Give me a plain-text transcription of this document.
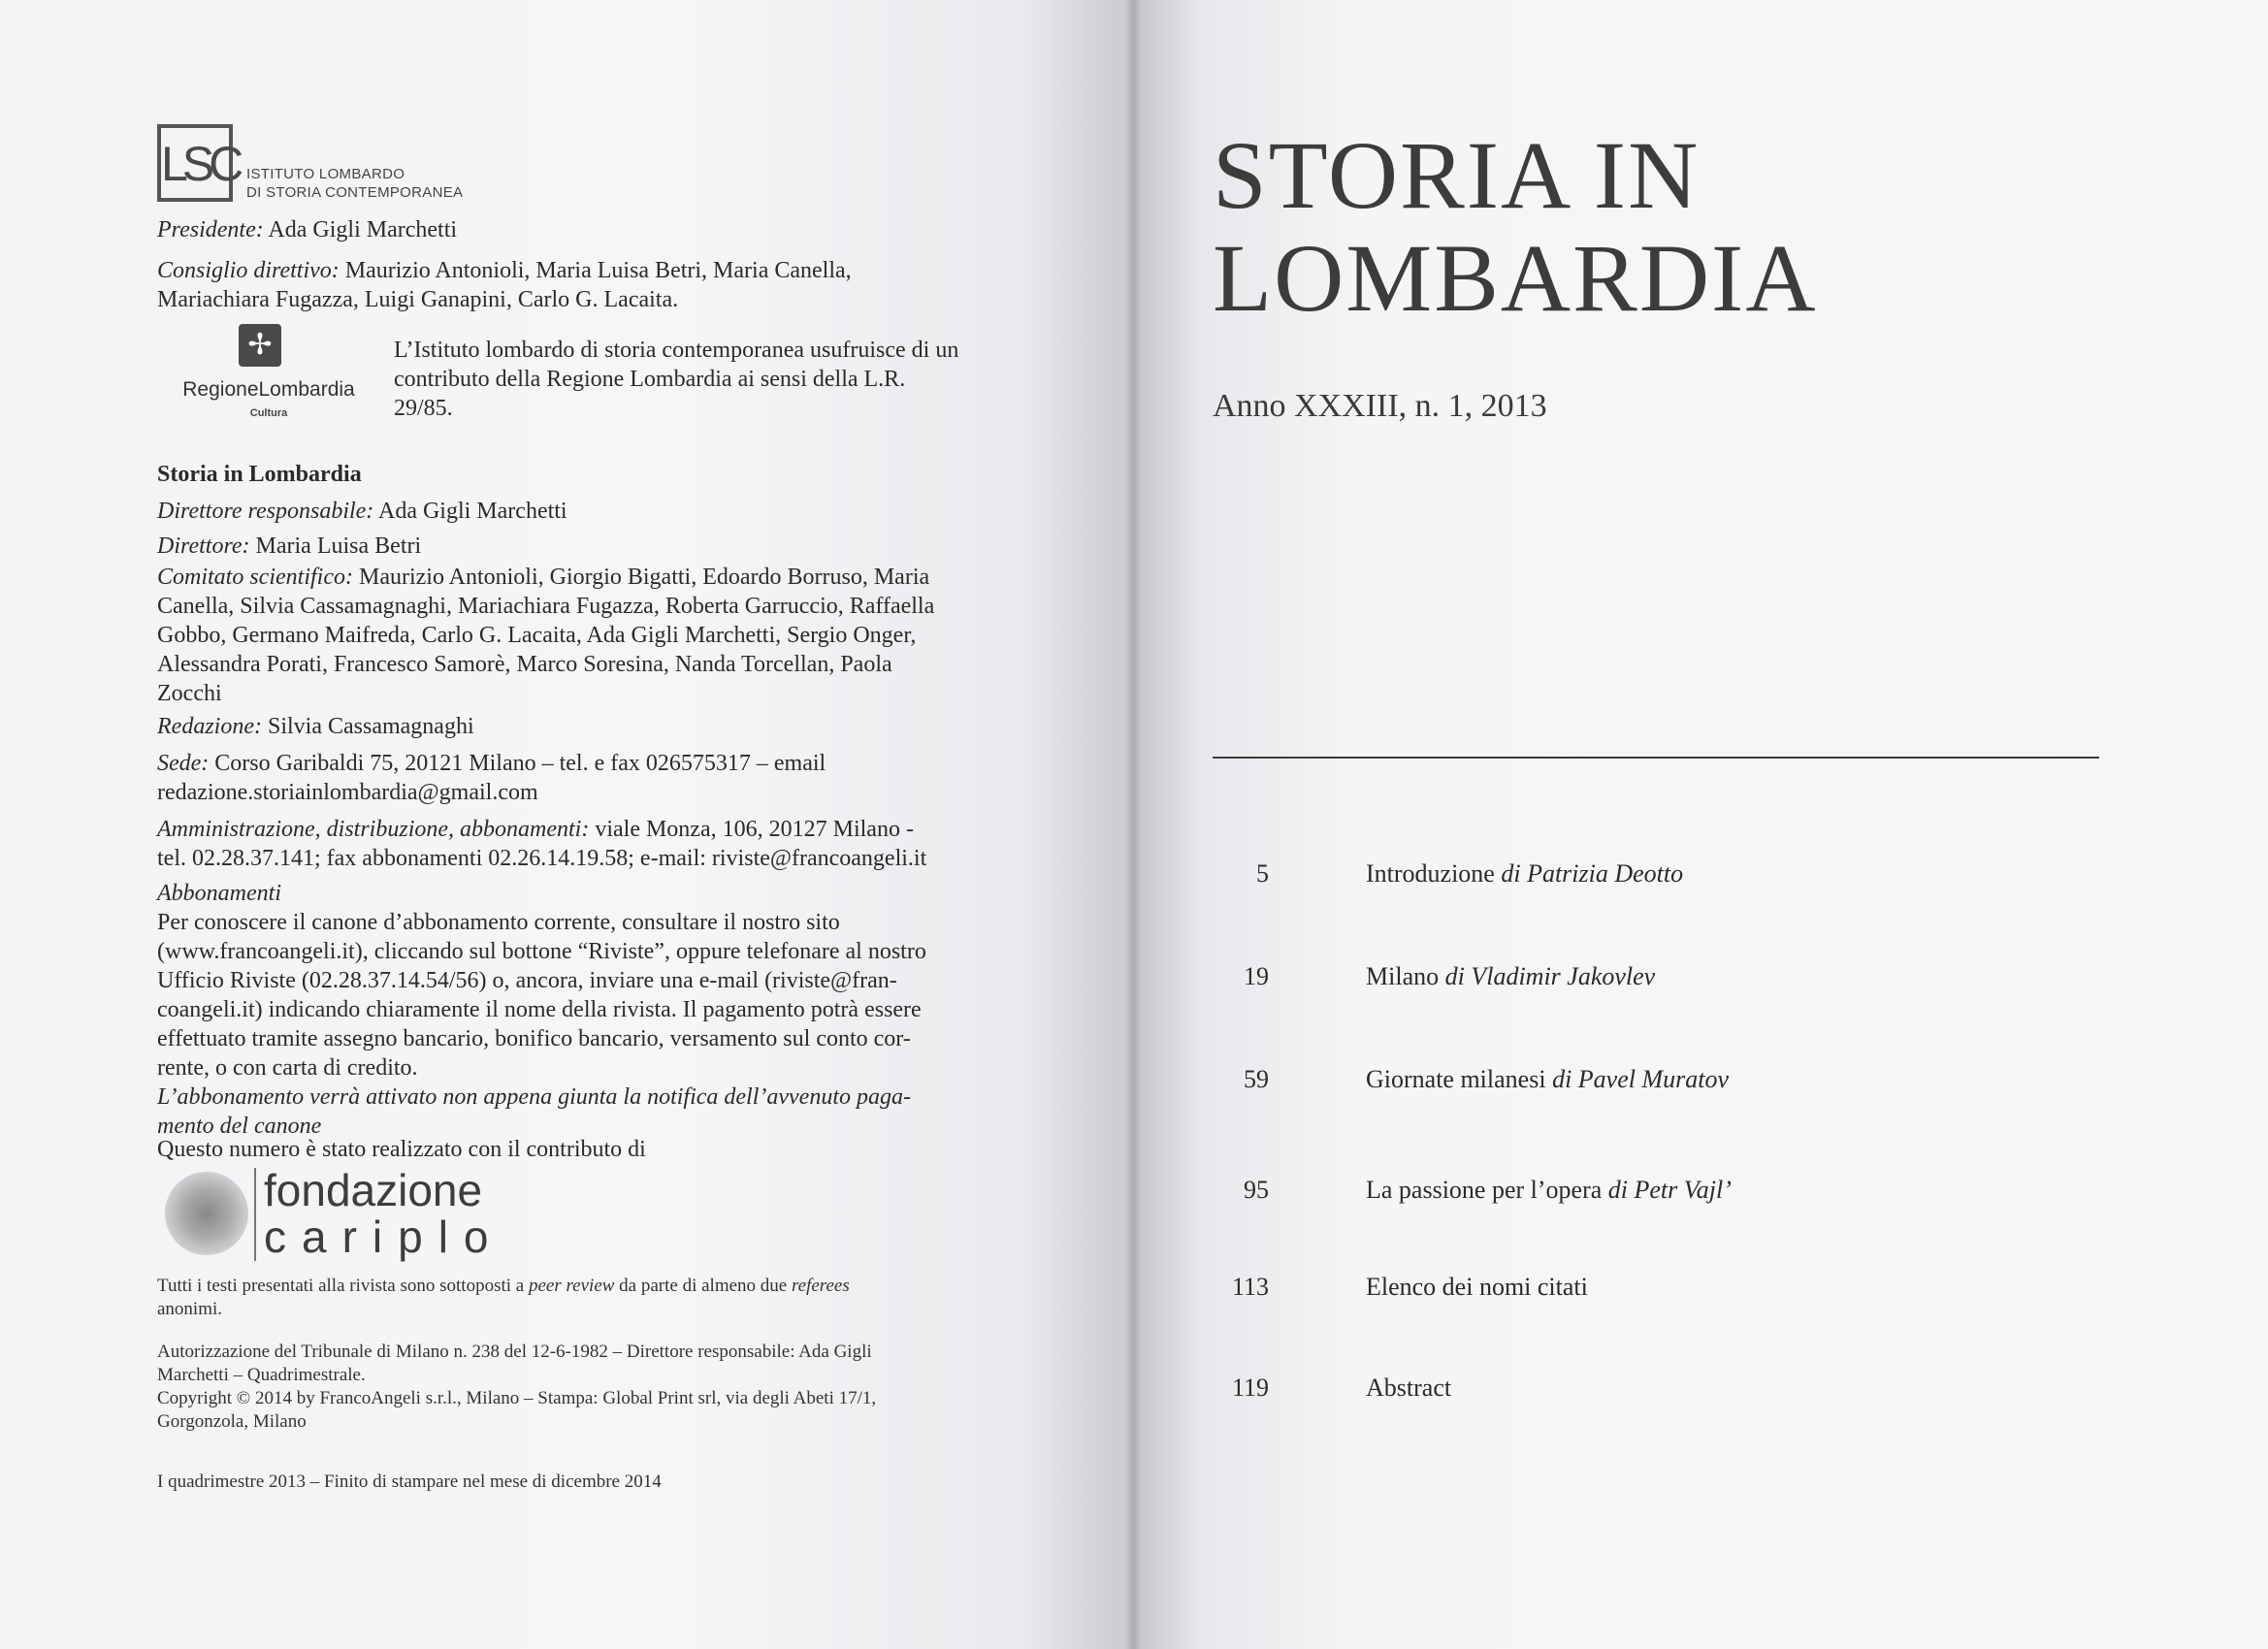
LSC ISTITUTO LOMBARDO
DI STORIA CONTEMPORANEA
Presidente: Ada Gigli Marchetti
Consiglio direttivo: Maurizio Antonioli, Maria Luisa Betri, Maria Canella,
Mariachiara Fugazza, Luigi Ganapini, Carlo G. Lacaita.
✢
RegioneLombardia
Cultura
L’Istituto lombardo di storia contemporanea usufruisce di un
contributo della Regione Lombardia ai sensi della L.R.
29/85.
Storia in Lombardia
Direttore responsabile: Ada Gigli Marchetti
Direttore: Maria Luisa Betri
Comitato scientifico: Maurizio Antonioli, Giorgio Bigatti, Edoardo Borruso, Maria
Canella, Silvia Cassamagnaghi, Mariachiara Fugazza, Roberta Garruccio, Raffaella
Gobbo, Germano Maifreda, Carlo G. Lacaita, Ada Gigli Marchetti, Sergio Onger,
Alessandra Porati, Francesco Samorè, Marco Soresina, Nanda Torcellan, Paola
Zocchi
Redazione: Silvia Cassamagnaghi
Sede: Corso Garibaldi 75, 20121 Milano – tel. e fax 026575317 – email
redazione.storiainlombardia@gmail.com
Amministrazione, distribuzione, abbonamenti: viale Monza, 106, 20127 Milano -
tel. 02.28.37.141; fax abbonamenti 02.26.14.19.58; e-mail: riviste@francoangeli.it
Abbonamenti
Per conoscere il canone d’abbonamento corrente, consultare il nostro sito
(www.francoangeli.it), cliccando sul bottone “Riviste”, oppure telefonare al nostro
Ufficio Riviste (02.28.37.14.54/56) o, ancora, inviare una e-mail (riviste@fran-
coangeli.it) indicando chiaramente il nome della rivista. Il pagamento potrà essere
effettuato tramite assegno bancario, bonifico bancario, versamento sul conto cor-
rente, o con carta di credito.
L’abbonamento verrà attivato non appena giunta la notifica dell’avvenuto paga-
mento del canone
Questo numero è stato realizzato con il contributo di
fondazione
cariplo
Tutti i testi presentati alla rivista sono sottoposti a peer review da parte di almeno due referees
anonimi.
Autorizzazione del Tribunale di Milano n. 238 del 12-6-1982 – Direttore responsabile: Ada Gigli
Marchetti – Quadrimestrale.
Copyright © 2014 by FrancoAngeli s.r.l., Milano – Stampa: Global Print srl, via degli Abeti 17/1,
Gorgonzola, Milano
I quadrimestre 2013 – Finito di stampare nel mese di dicembre 2014
STORIA IN
LOMBARDIA
Anno XXXIII, n. 1, 2013
5	Introduzione di Patrizia Deotto
19	Milano di Vladimir Jakovlev
59	Giornate milanesi di Pavel Muratov
95	La passione per l’opera di Petr Vajl’
113	Elenco dei nomi citati
119	Abstract
